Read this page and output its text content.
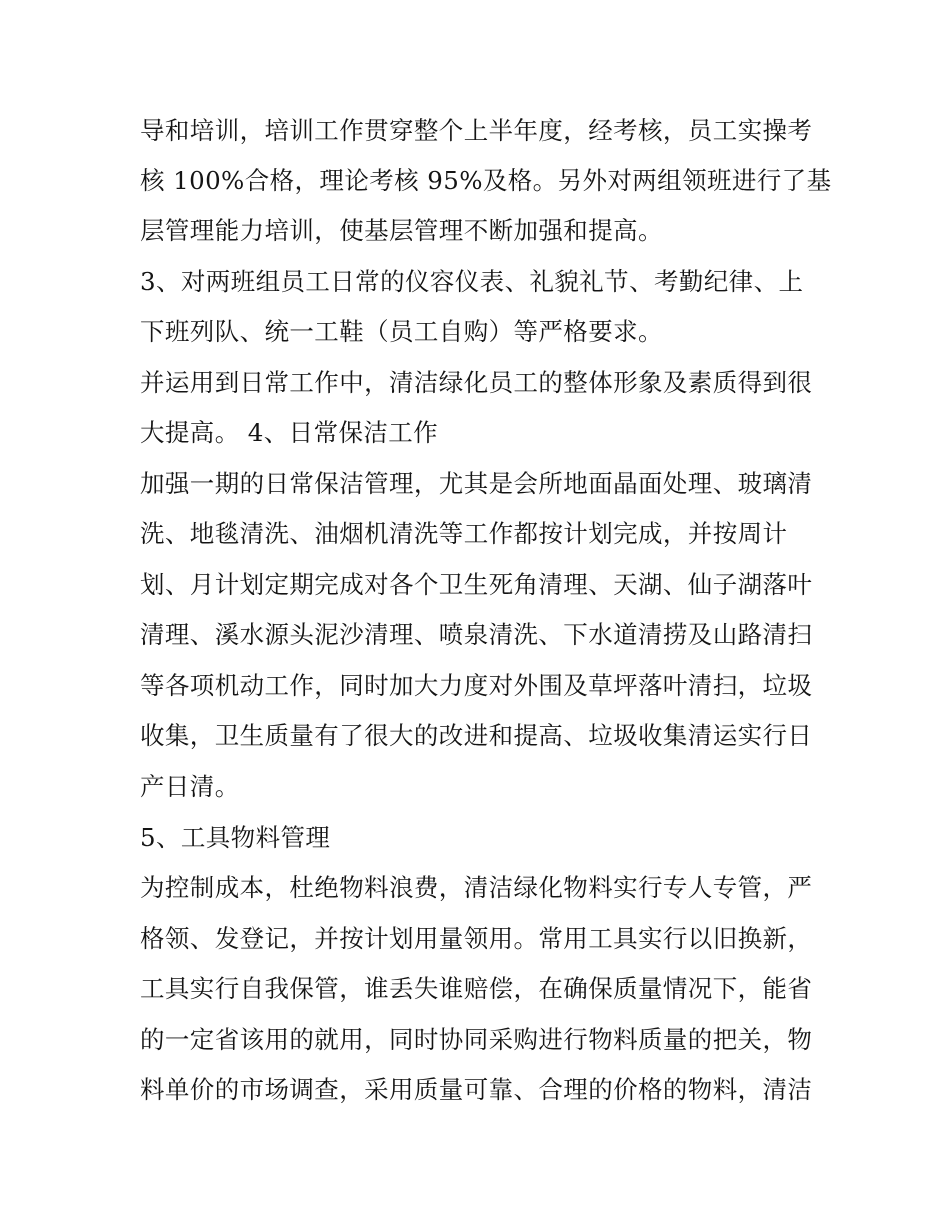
导和培训，培训工作贯穿整个上半年度，经考核，员工实操考
核 100%合格，理论考核 95%及格。另外对两组领班进行了基
层管理能力培训，使基层管理不断加强和提高。
3、对两班组员工日常的仪容仪表、礼貌礼节、考勤纪律、上
下班列队、统一工鞋（员工自购）等严格要求。
并运用到日常工作中，清洁绿化员工的整体形象及素质得到很
大提高。 4、日常保洁工作
加强一期的日常保洁管理，尤其是会所地面晶面处理、玻璃清
洗、地毯清洗、油烟机清洗等工作都按计划完成，并按周计
划、月计划定期完成对各个卫生死角清理、天湖、仙子湖落叶
清理、溪水源头泥沙清理、喷泉清洗、下水道清捞及山路清扫
等各项机动工作，同时加大力度对外围及草坪落叶清扫，垃圾
收集，卫生质量有了很大的改进和提高、垃圾收集清运实行日
产日清。
5、工具物料管理
为控制成本，杜绝物料浪费，清洁绿化物料实行专人专管，严
格领、发登记，并按计划用量领用。常用工具实行以旧换新，
工具实行自我保管，谁丢失谁赔偿，在确保质量情况下，能省
的一定省该用的就用，同时协同采购进行物料质量的把关，物
料单价的市场调查，采用质量可靠、合理的价格的物料，清洁
